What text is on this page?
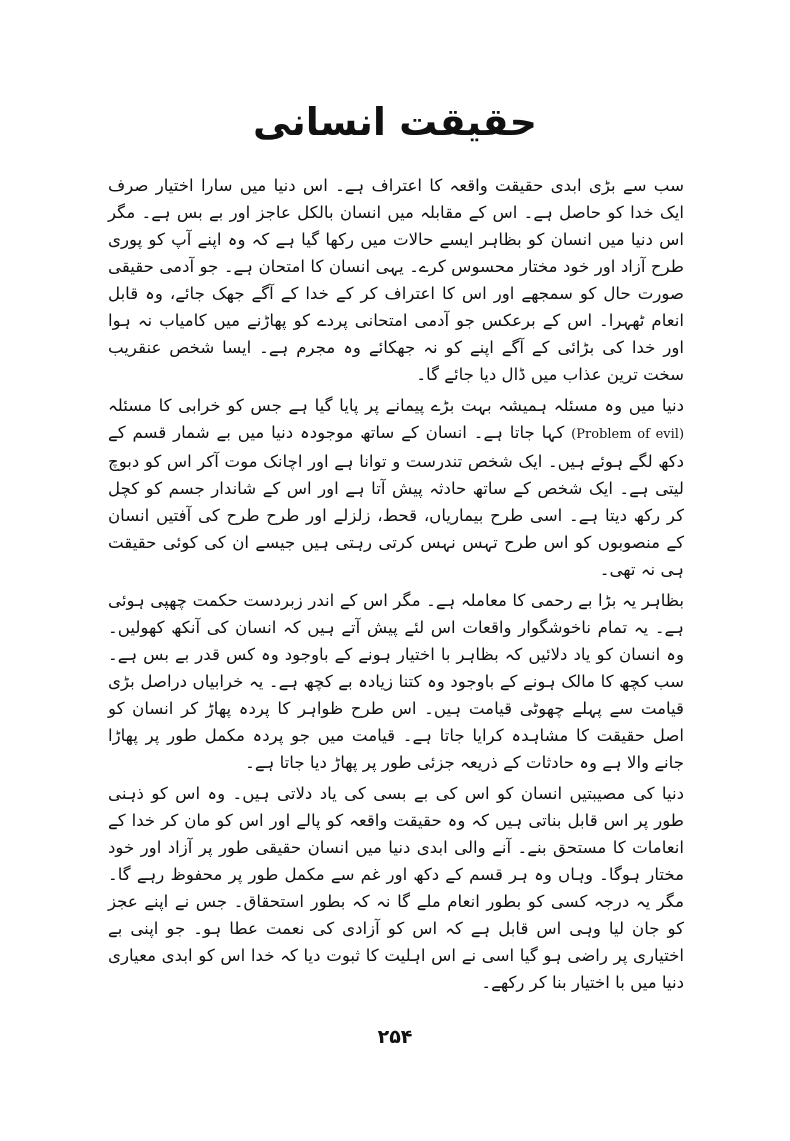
حقیقت انسانی

سب سے بڑی ابدی حقیقت واقعہ کا اعتراف ہے۔ اس دنیا میں سارا اختیار صرف ایک خدا کو حاصل ہے۔ اس کے مقابلہ میں انسان بالکل عاجز اور بے بس ہے۔ مگر اس دنیا میں انسان کو بظاہر ایسے حالات میں رکھا گیا ہے کہ وہ اپنے آپ کو پوری طرح آزاد اور خود مختار محسوس کرے۔ یہی انسان کا امتحان ہے۔ جو آدمی حقیقی صورت حال کو سمجھے اور اس کا اعتراف کر کے خدا کے آگے جھک جائے، وہ قابل انعام ٹھہرا۔ اس کے برعکس جو آدمی امتحانی پردے کو پھاڑنے میں کامیاب نہ ہوا اور خدا کی بڑائی کے آگے اپنے کو نہ جھکائے وہ مجرم ہے۔ ایسا شخص عنقریب سخت ترین عذاب میں ڈال دیا جائے گا۔

دنیا میں وہ مسئلہ ہمیشہ بہت بڑے پیمانے پر پایا گیا ہے جس کو خرابی کا مسئلہ (Problem of evil) کہا جاتا ہے۔ انسان کے ساتھ موجودہ دنیا میں بے شمار قسم کے دکھ لگے ہوئے ہیں۔ ایک شخص تندرست و توانا ہے اور اچانک موت آکر اس کو دبوچ لیتی ہے۔ ایک شخص کے ساتھ حادثہ پیش آتا ہے اور اس کے شاندار جسم کو کچل کر رکھ دیتا ہے۔ اسی طرح بیماریاں، قحط، زلزلے اور طرح طرح کی آفتیں انسان کے منصوبوں کو اس طرح تہس نہس کرتی رہتی ہیں جیسے ان کی کوئی حقیقت ہی نہ تھی۔

بظاہر یہ بڑا بے رحمی کا معاملہ ہے۔ مگر اس کے اندر زبردست حکمت چھپی ہوئی ہے۔ یہ تمام ناخوشگوار واقعات اس لئے پیش آتے ہیں کہ انسان کی آنکھ کھولیں۔ وہ انسان کو یاد دلائیں کہ بظاہر با اختیار ہونے کے باوجود وہ کس قدر بے بس ہے۔ سب کچھ کا مالک ہونے کے باوجود وہ کتنا زیادہ بے کچھ ہے۔ یہ خرابیاں دراصل بڑی قیامت سے پہلے چھوٹی قیامت ہیں۔ اس طرح ظواہر کا پردہ پھاڑ کر انسان کو اصل حقیقت کا مشاہدہ کرایا جاتا ہے۔ قیامت میں جو پردہ مکمل طور پر پھاڑا جانے والا ہے وہ حادثات کے ذریعہ جزئی طور پر پھاڑ دیا جاتا ہے۔

دنیا کی مصیبتیں انسان کو اس کی بے بسی کی یاد دلاتی ہیں۔ وہ اس کو ذہنی طور پر اس قابل بناتی ہیں کہ وہ حقیقت واقعہ کو پالے اور اس کو مان کر خدا کے انعامات کا مستحق بنے۔ آنے والی ابدی دنیا میں انسان حقیقی طور پر آزاد اور خود مختار ہوگا۔ وہاں وہ ہر قسم کے دکھ اور غم سے مکمل طور پر محفوظ رہے گا۔ مگر یہ درجہ کسی کو بطور انعام ملے گا نہ کہ بطور استحقاق۔ جس نے اپنے عجز کو جان لیا وہی اس قابل ہے کہ اس کو آزادی کی نعمت عطا ہو۔ جو اپنی بے اختیاری پر راضی ہو گیا اسی نے اس اہلیت کا ثبوت دیا کہ خدا اس کو ابدی معیاری دنیا میں با اختیار بنا کر رکھے۔

۲۵۴
